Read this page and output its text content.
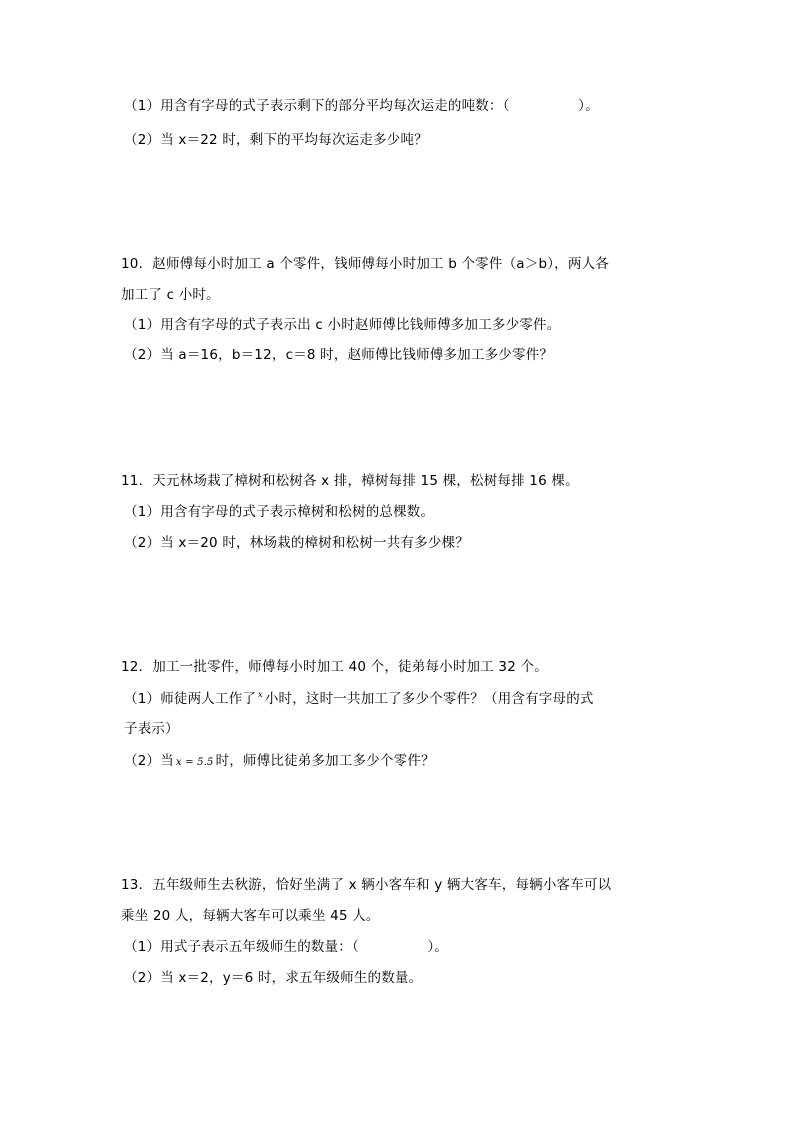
（1）用含有字母的式子表示剩下的部分平均每次运走的吨数：（　　　　　）。
（2）当 x＝22 时，剩下的平均每次运走多少吨？
10．赵师傅每小时加工 a 个零件，钱师傅每小时加工 b 个零件（a＞b），两人各
加工了 c 小时。
（1）用含有字母的式子表示出 c 小时赵师傅比钱师傅多加工多少零件。
（2）当 a＝16，b＝12，c＝8 时，赵师傅比钱师傅多加工多少零件？
11．天元林场栽了樟树和松树各 x 排，樟树每排 15 棵，松树每排 16 棵。
（1）用含有字母的式子表示樟树和松树的总棵数。
（2）当 x＝20 时，林场栽的樟树和松树一共有多少棵？
12．加工一批零件，师傅每小时加工 40 个，徒弟每小时加工 32 个。
（1）师徒两人工作了 $^x$ 小时，这时一共加工了多少个零件？（用含有字母的式
子表示）
（2）当 x = 5.5 时，师傅比徒弟多加工多少个零件？
13．五年级师生去秋游，恰好坐满了 x 辆小客车和 y 辆大客车，每辆小客车可以
乘坐 20 人，每辆大客车可以乘坐 45 人。
（1）用式子表示五年级师生的数量：（　　　　　）。
（2）当 x＝2，y＝6 时，求五年级师生的数量。
